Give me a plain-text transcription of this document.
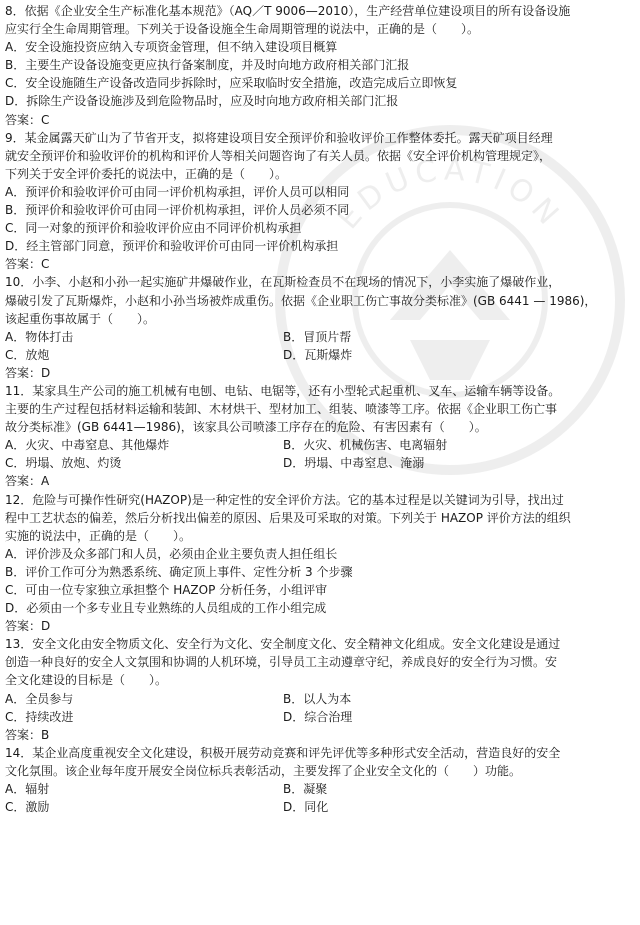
EDUCATION
8．依据《企业安全生产标准化基本规范》（AQ／T 9006—2010），生产经营单位建设项目的所有设备设施
应实行全生命周期管理。下列关于设备设施全生命周期管理的说法中，正确的是（　　）。
A．安全设施投资应纳入专项资金管理，但不纳入建设项目概算
B．主要生产设备设施变更应执行备案制度，并及时向地方政府相关部门汇报
C．安全设施随生产设备改造同步拆除时，应采取临时安全措施，改造完成后立即恢复
D．拆除生产设备设施涉及到危险物品时，应及时向地方政府相关部门汇报
答案：C
9．某金属露天矿山为了节省开支，拟将建设项目安全预评价和验收评价工作整体委托。露天矿项目经理
就安全预评价和验收评价的机构和评价人等相关问题咨询了有关人员。依据《安全评价机构管理规定》，
下列关于安全评价委托的说法中，正确的是（　　）。
A．预评价和验收评价可由同一评价机构承担，评价人员可以相同
B．预评价和验收评价可由同一评价机构承担，评价人员必须不同
C．同一对象的预评价和验收评价应由不同评价机构承担
D．经主管部门同意，预评价和验收评价可由同一评价机构承担
答案：C
10．小李、小赵和小孙一起实施矿井爆破作业，在瓦斯检查员不在现场的情况下，小李实施了爆破作业，
爆破引发了瓦斯爆炸，小赵和小孙当场被炸成重伤。依据《企业职工伤亡事故分类标准》(GB 6441 — 1986)，
该起重伤事故属于（　　）。
A．物体打击	B．冒顶片帮
C．放炮	D．瓦斯爆炸
答案：D
11．某家具生产公司的施工机械有电刨、电钻、电锯等，还有小型轮式起重机、叉车、运输车辆等设备。
主要的生产过程包括材料运输和装卸、木材烘干、型材加工、组装、喷漆等工序。依据《企业职工伤亡事
故分类标准》(GB 6441—1986)，该家具公司喷漆工序存在的危险、有害因素有（　　）。
A．火灾、中毒窒息、其他爆炸	B．火灾、机械伤害、电离辐射
C．坍塌、放炮、灼烫	D．坍塌、中毒窒息、淹溺
答案：A
12．危险与可操作性研究(HAZOP)是一种定性的安全评价方法。它的基本过程是以关键词为引导，找出过
程中工艺状态的偏差，然后分析找出偏差的原因、后果及可采取的对策。下列关于 HAZOP 评价方法的组织
实施的说法中，正确的是（　　）。
A．评价涉及众多部门和人员，必须由企业主要负责人担任组长
B．评价工作可分为熟悉系统、确定顶上事件、定性分析 3 个步骤
C．可由一位专家独立承担整个 HAZOP 分析任务，小组评审
D．必须由一个多专业且专业熟练的人员组成的工作小组完成
答案：D
13．安全文化由安全物质文化、安全行为文化、安全制度文化、安全精神文化组成。安全文化建设是通过
创造一种良好的安全人文氛围和协调的人机环境，引导员工主动遵章守纪，养成良好的安全行为习惯。安
全文化建设的目标是（　　）。
A．全员参与	B．以人为本
C．持续改进	D．综合治理
答案：B
14．某企业高度重视安全文化建设，积极开展劳动竞赛和评先评优等多种形式安全活动，营造良好的安全
文化氛围。该企业每年度开展安全岗位标兵表彰活动，主要发挥了企业安全文化的（　　）功能。
A．辐射	B．凝聚
C．激励	D．同化
